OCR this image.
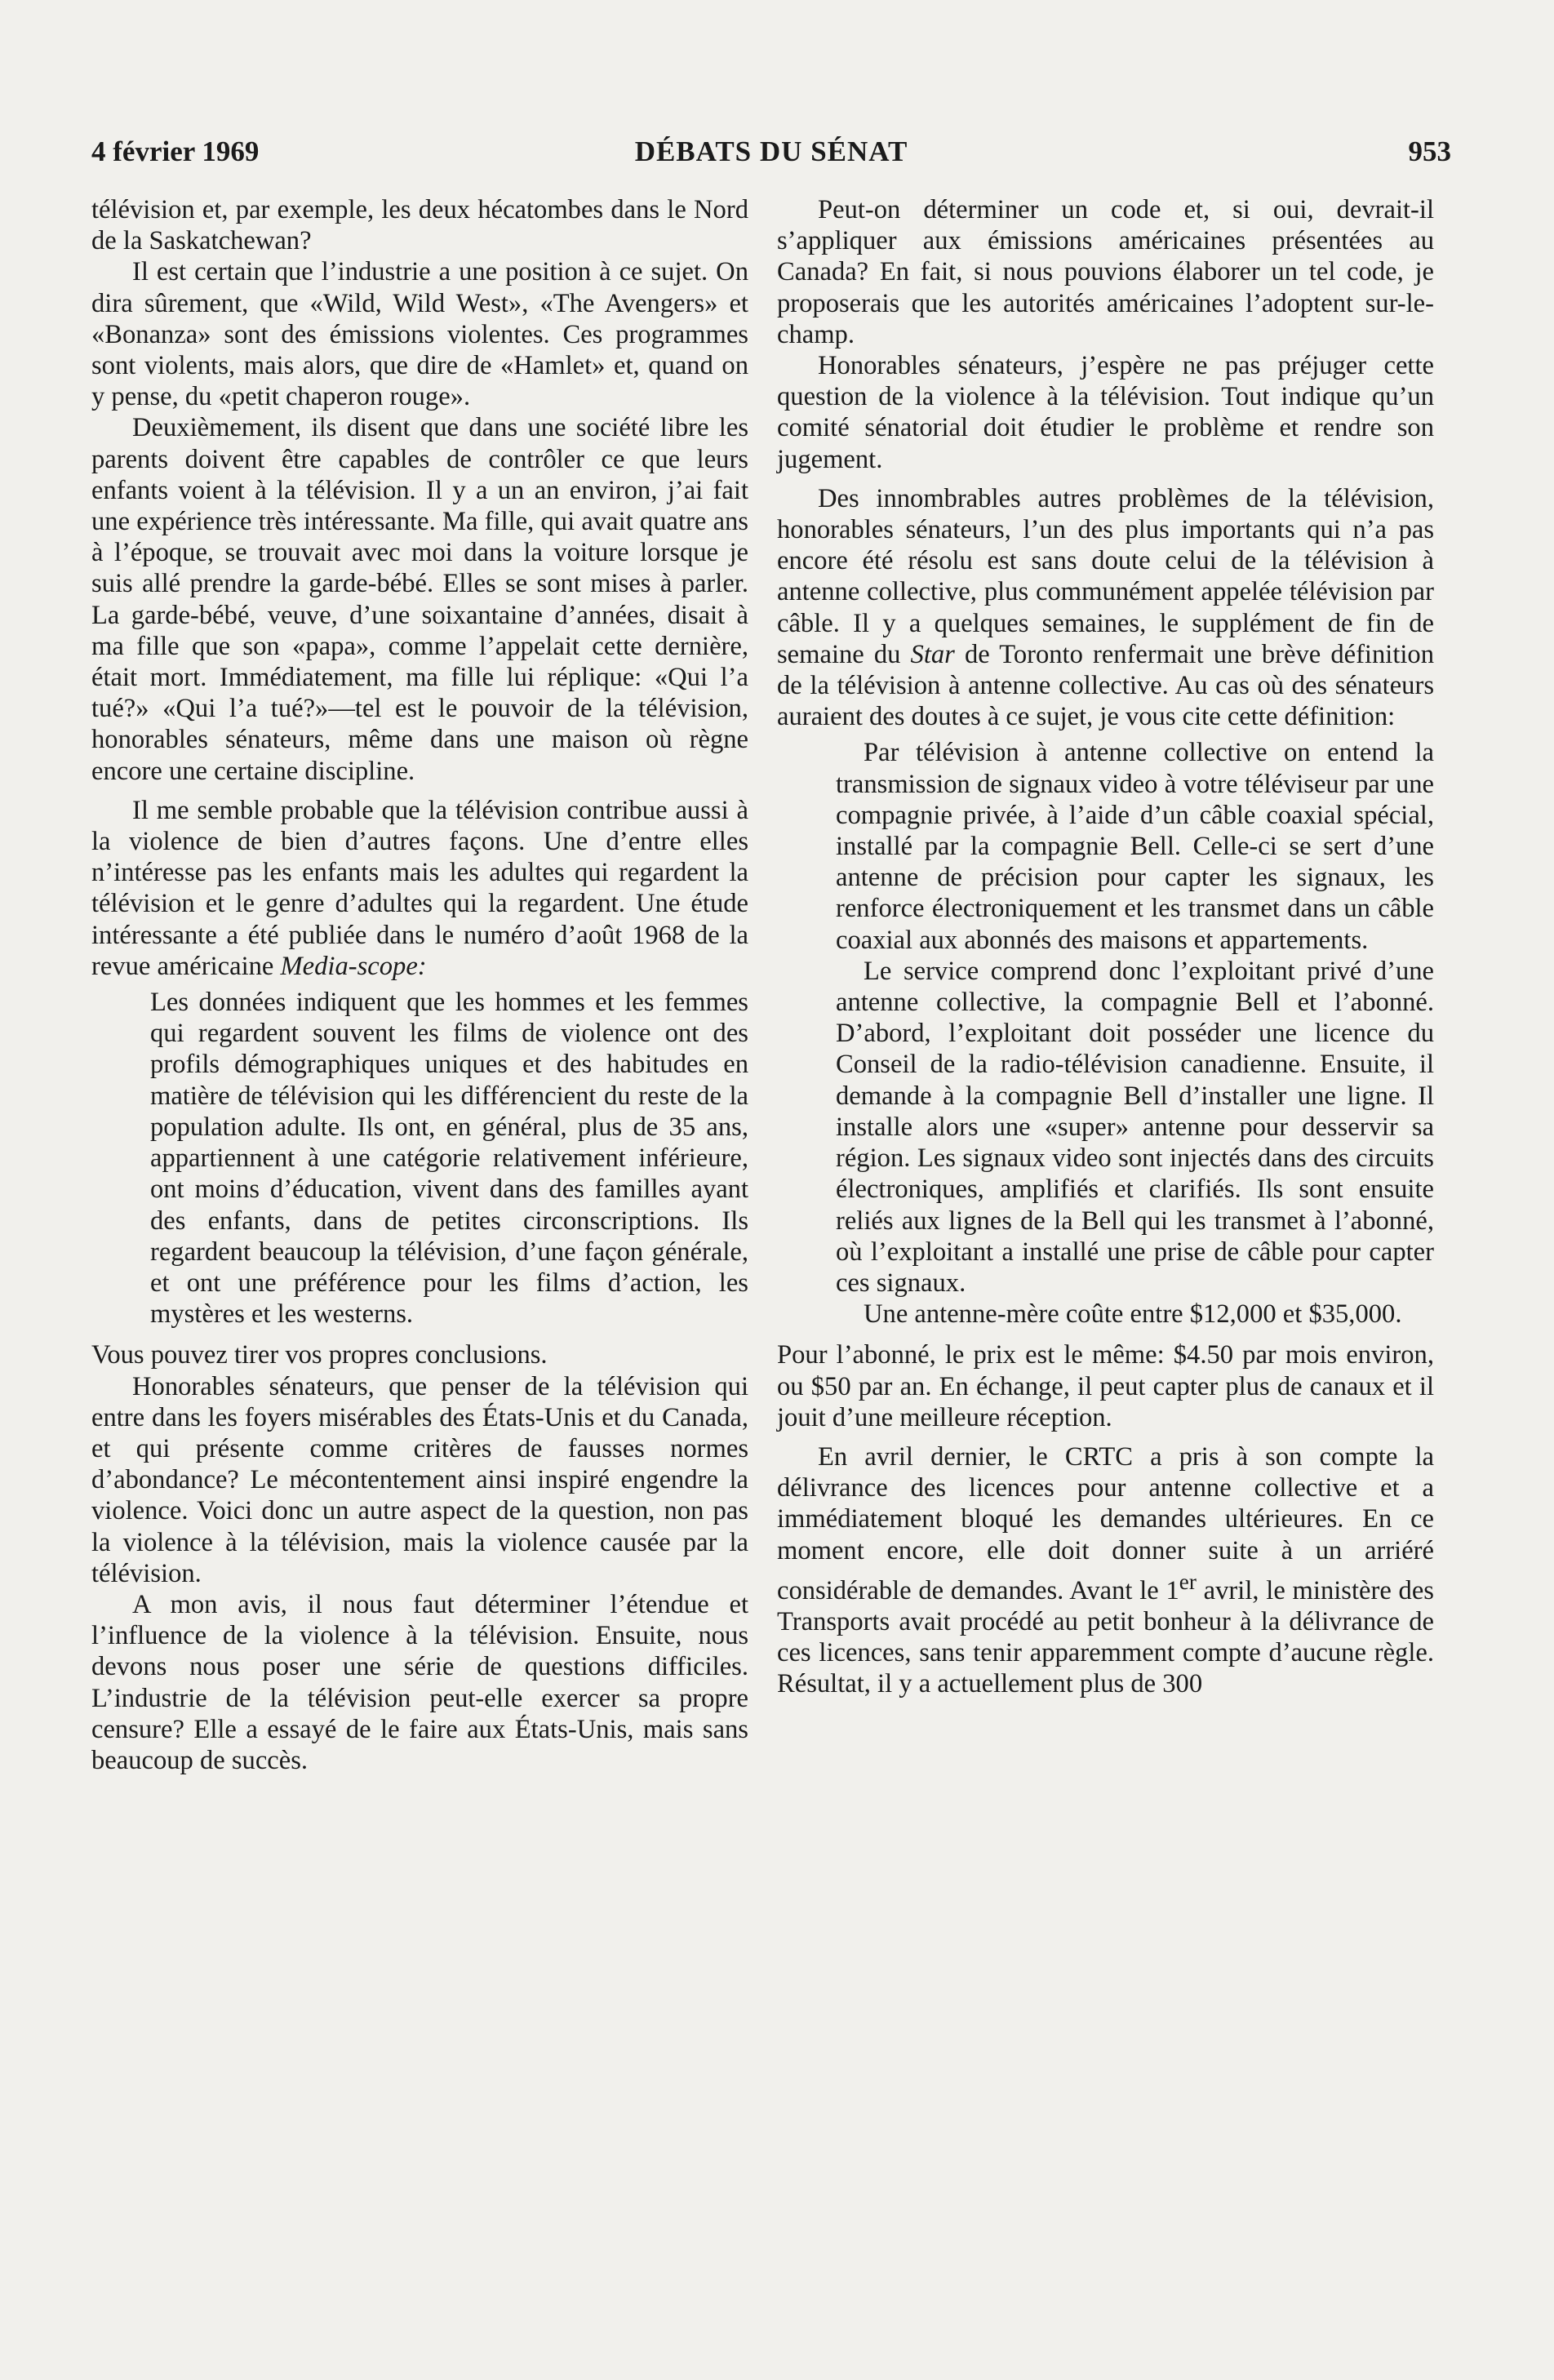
4 février 1969	DÉBATS DU SÉNAT	953

télévision et, par exemple, les deux hécatombes dans le Nord de la Saskatchewan?

Il est certain que l’industrie a une position à ce sujet. On dira sûrement, que «Wild, Wild West», «The Avengers» et «Bonanza» sont des émissions violentes. Ces programmes sont violents, mais alors, que dire de «Hamlet» et, quand on y pense, du «petit chaperon rouge».

Deuxièmement, ils disent que dans une société libre les parents doivent être capables de contrôler ce que leurs enfants voient à la télévision. Il y a un an environ, j’ai fait une expérience très intéressante. Ma fille, qui avait quatre ans à l’époque, se trouvait avec moi dans la voiture lorsque je suis allé prendre la garde-bébé. Elles se sont mises à parler. La garde-bébé, veuve, d’une soixantaine d’années, disait à ma fille que son «papa», comme l’appelait cette dernière, était mort. Immédiatement, ma fille lui réplique: «Qui l’a tué?» «Qui l’a tué?»—tel est le pouvoir de la télévision, honorables sénateurs, même dans une maison où règne encore une certaine discipline.

Il me semble probable que la télévision contribue aussi à la violence de bien d’autres façons. Une d’entre elles n’intéresse pas les enfants mais les adultes qui regardent la télévision et le genre d’adultes qui la regardent. Une étude intéressante a été publiée dans le numéro d’août 1968 de la revue américaine Media-scope:

Les données indiquent que les hommes et les femmes qui regardent souvent les films de violence ont des profils démographiques uniques et des habitudes en matière de télévision qui les différencient du reste de la population adulte. Ils ont, en général, plus de 35 ans, appartiennent à une catégorie relativement inférieure, ont moins d’éducation, vivent dans des familles ayant des enfants, dans de petites circonscriptions. Ils regardent beaucoup la télévision, d’une façon générale, et ont une préférence pour les films d’action, les mystères et les westerns.

Vous pouvez tirer vos propres conclusions.

Honorables sénateurs, que penser de la télévision qui entre dans les foyers misérables des États-Unis et du Canada, et qui présente comme critères de fausses normes d’abondance? Le mécontentement ainsi inspiré engendre la violence. Voici donc un autre aspect de la question, non pas la violence à la télévision, mais la violence causée par la télévision.

A mon avis, il nous faut déterminer l’étendue et l’influence de la violence à la télévision. Ensuite, nous devons nous poser une série de questions difficiles. L’industrie de la télévision peut-elle exercer sa propre censure? Elle a essayé de le faire aux États-Unis, mais sans beaucoup de succès.

Peut-on déterminer un code et, si oui, devrait-il s’appliquer aux émissions américaines présentées au Canada? En fait, si nous pouvions élaborer un tel code, je proposerais que les autorités américaines l’adoptent sur-le-champ.

Honorables sénateurs, j’espère ne pas préjuger cette question de la violence à la télévision. Tout indique qu’un comité sénatorial doit étudier le problème et rendre son jugement.

Des innombrables autres problèmes de la télévision, honorables sénateurs, l’un des plus importants qui n’a pas encore été résolu est sans doute celui de la télévision à antenne collective, plus communément appelée télévision par câble. Il y a quelques semaines, le supplément de fin de semaine du Star de Toronto renfermait une brève définition de la télévision à antenne collective. Au cas où des sénateurs auraient des doutes à ce sujet, je vous cite cette définition:

Par télévision à antenne collective on entend la transmission de signaux video à votre téléviseur par une compagnie privée, à l’aide d’un câble coaxial spécial, installé par la compagnie Bell. Celle-ci se sert d’une antenne de précision pour capter les signaux, les renforce électroniquement et les transmet dans un câble coaxial aux abonnés des maisons et appartements.

Le service comprend donc l’exploitant privé d’une antenne collective, la compagnie Bell et l’abonné. D’abord, l’exploitant doit posséder une licence du Conseil de la radio-télévision canadienne. Ensuite, il demande à la compagnie Bell d’installer une ligne. Il installe alors une «super» antenne pour desservir sa région. Les signaux video sont injectés dans des circuits électroniques, amplifiés et clarifiés. Ils sont ensuite reliés aux lignes de la Bell qui les transmet à l’abonné, où l’exploitant a installé une prise de câble pour capter ces signaux.

Une antenne-mère coûte entre $12,000 et $35,000.

Pour l’abonné, le prix est le même: $4.50 par mois environ, ou $50 par an. En échange, il peut capter plus de canaux et il jouit d’une meilleure réception.

En avril dernier, le CRTC a pris à son compte la délivrance des licences pour antenne collective et a immédiatement bloqué les demandes ultérieures. En ce moment encore, elle doit donner suite à un arriéré considérable de demandes. Avant le 1er avril, le ministère des Transports avait procédé au petit bonheur à la délivrance de ces licences, sans tenir apparemment compte d’aucune règle. Résultat, il y a actuellement plus de 300
